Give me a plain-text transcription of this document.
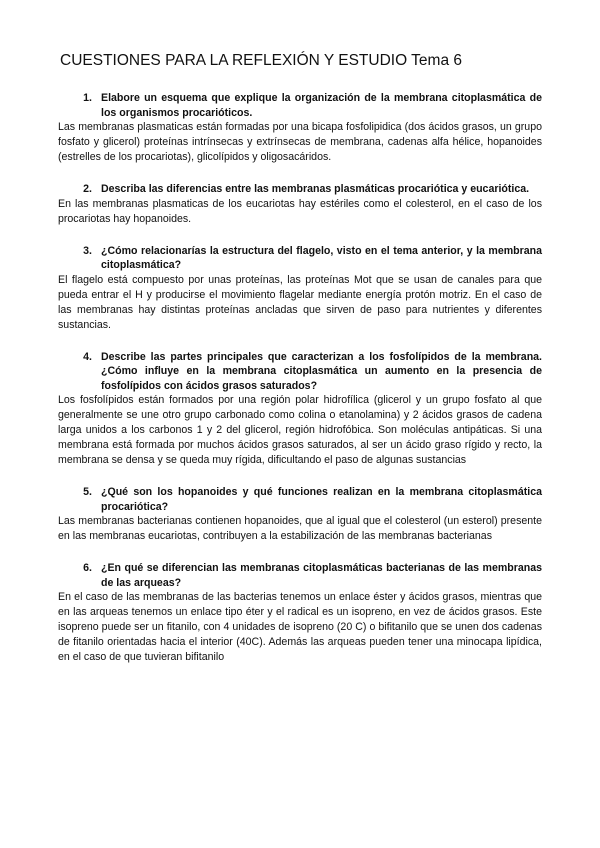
CUESTIONES PARA LA REFLEXIÓN Y ESTUDIO Tema 6
1. Elabore un esquema que explique la organización de la membrana citoplasmática de los organismos procarióticos.

Las membranas plasmaticas están formadas por una bicapa fosfolipidica (dos ácidos grasos, un grupo fosfato y glicerol) proteínas intrínsecas y extrínsecas de membrana, cadenas alfa hélice, hopanoides (estrelles de los procariotas), glicolípidos y oligosacáridos.

2. Describa las diferencias entre las membranas plasmáticas procariótica y eucariótica.

En las membranas plasmaticas de los eucariotas hay estériles como el colesterol, en el caso de los procariotas hay hopanoides.

3. ¿Cómo relacionarías la estructura del flagelo, visto en el tema anterior, y la membrana citoplasmática?

El flagelo está compuesto por unas proteínas, las proteínas Mot que se usan de canales para que pueda entrar el H y producirse el movimiento flagelar mediante energía protón motriz. En el caso de las membranas hay distintas proteínas ancladas que sirven de paso para nutrientes y diferentes sustancias.

4. Describe las partes principales que caracterizan a los fosfolípidos de la membrana. ¿Cómo influye en la membrana citoplasmática un aumento en la presencia de fosfolípidos con ácidos grasos saturados?

Los fosfolípidos están formados por una región polar hidrofílica (glicerol y un grupo fosfato al que generalmente se une otro grupo carbonado como colina o etanolamina) y 2 ácidos grasos de cadena larga unidos a los carbonos 1 y 2 del glicerol, región hidrofóbica. Son moléculas antipáticas. Si una membrana está formada por muchos ácidos grasos saturados, al ser un ácido graso rígido y recto, la membrana se densa y se queda muy rígida, dificultando el paso de algunas sustancias

5. ¿Qué son los hopanoides y qué funciones realizan en la membrana citoplasmática procariótica?

Las membranas bacterianas contienen hopanoides, que al igual que el colesterol (un esterol) presente en las membranas eucariotas, contribuyen a la estabilización de las membranas bacterianas

6. ¿En qué se diferencian las membranas citoplasmáticas bacterianas de las membranas de las arqueas?

En el caso de las membranas de las bacterias tenemos un enlace éster y ácidos grasos, mientras que en las arqueas tenemos un enlace tipo éter y el radical es un isopreno, en vez de ácidos grasos. Este isopreno puede ser un fitanilo, con 4 unidades de isopreno (20 C) o bifitanilo que se unen dos cadenas de fitanilo orientadas hacia el interior (40C). Además las arqueas pueden tener una minocapa lipídica, en el caso de que tuvieran bifitanilo
